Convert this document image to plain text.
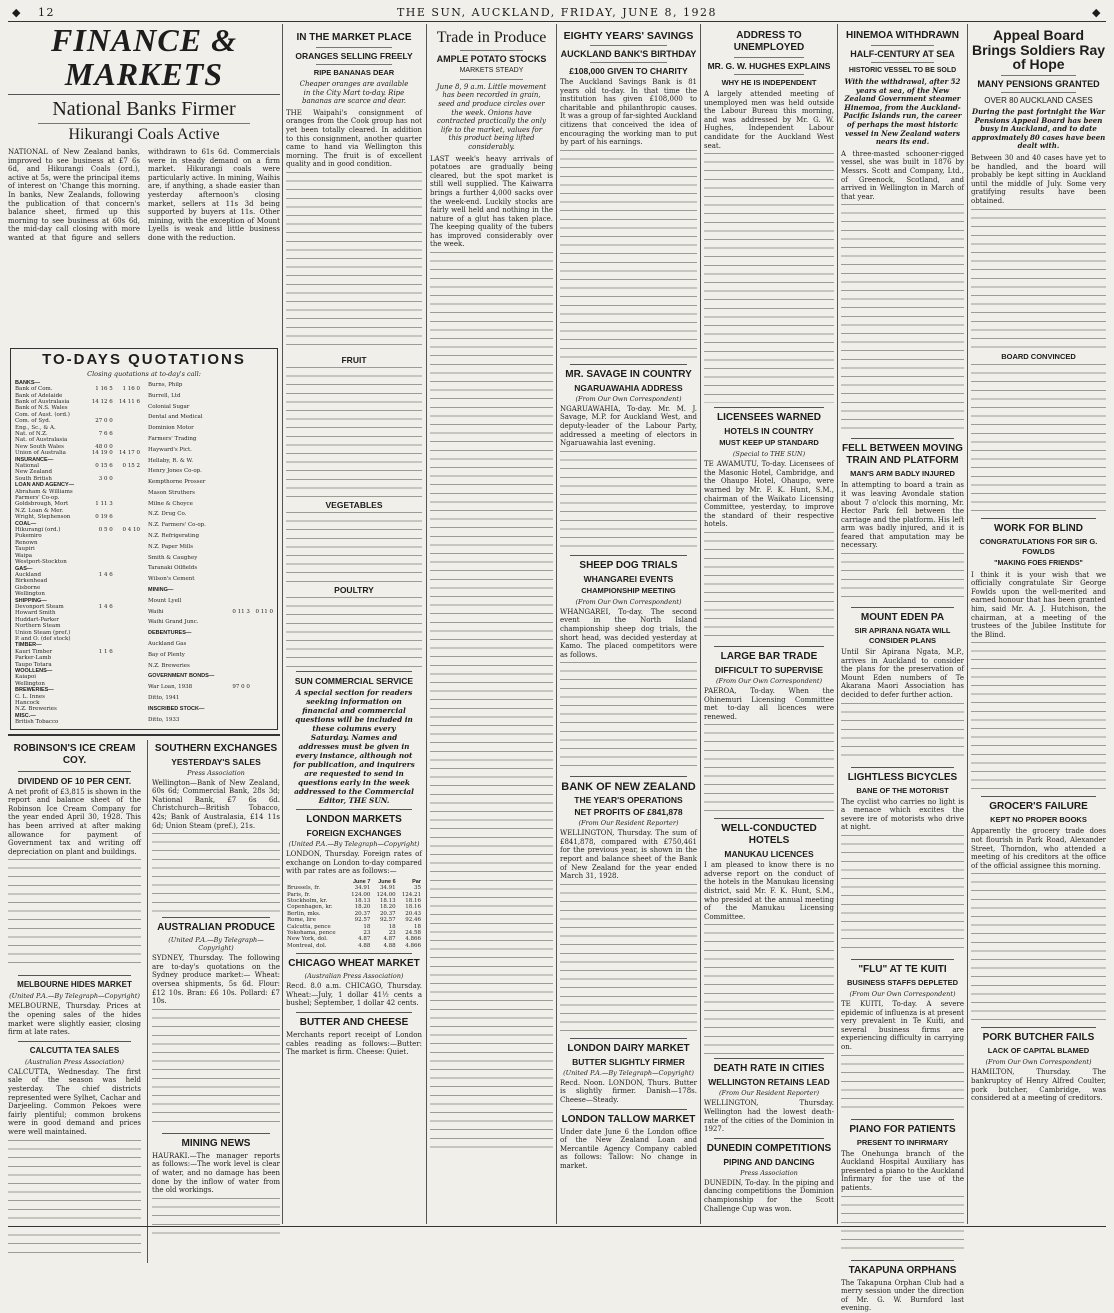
◆ 12	THE SUN, AUCKLAND, FRIDAY, JUNE 8, 1928	◆
FINANCE & MARKETS
National Banks Firmer
Hikurangi Coals Active
NATIONAL of New Zealand banks, improved to see business at £7 6s 6d, and Hikurangi Coals (ord.), active at 5s, were the principal items of interest on 'Change this morning. In banks, New Zealands, following the publication of that concern's balance sheet, firmed up this morning to see business at 60s 6d, the mid-day call closing with more wanted at that figure and sellers withdrawn to 61s 6d. Commercials were in steady demand on a firm market. Hikurangi coals were particularly active. In mining, Waihis are, if anything, a shade easier than yesterday afternoon's closing market, sellers at 11s 3d being supported by buyers at 11s. Other mining, with the exception of Mount Lyells is weak and little business done with the reduction.
TO-DAYS QUOTATIONS
Closing quotations at to-day's call:
BANKS—		
Bank of Com.	1 16 5	1 16 0
Bank of Adelaide		
Bank of Australasia	14 12 6	14 11 6
Bank of N.S. Wales		
Com. of Aust. (ord.)		
Com. of Syd.	27 0 0	
Eng., Sc., & A.		
Nat. of N.Z.	7 6 6	
Nat. of Australasia		
New South Wales	48 0 0	
Union of Australia	14 19 0	14 17 0
INSURANCE—		
National	0 15 6	0 15 2
New Zealand		
South British	3 0 0	
LOAN AND AGENCY—		
Abraham & Williams		
Farmers' Co-op.		
Goldsbrough, Mort	1 11 3	
N.Z. Loan & Mer.		
Wright, Stephenson	0 19 6	
COAL—		
Hikurangi (ord.)	0 5 0	0 4 10
Pukemiro		
Renown		
Taupiri		
Waipa		
Westport-Stockton		
GAS—		
Auckland	1 4 6	
Birkenhead		
Gisborne		
Wellington		
SHIPPING—		
Devonport Steam	1 4 6	
Howard Smith		
Huddart-Parker		
Northern Steam		
Union Steam (pref.)		
P. and O. (def stock)		
TIMBER—		
Kauri Timber	1 1 6	
Parker-Lamb		
Taupo Totara		
WOOLLENS—		
Kaiapoi		
Wellington		
BREWERIES—		
C. L. Innes		
Hancock		
N.Z. Breweries		
MISC.—		
British Tobacco		
Burns, Philp		
Burrell, Ltd		
Colonial Sugar		
Dental and Medical		
Dominion Motor		
Farmers' Trading		
Hayward's Pict.		
Hellaby, R. & W.		
Henry Jones Co-op.		
Kempthorne Prosser		
Mason Struthers		
Milne & Choyce		
N.Z. Drug Co.		
N.Z. Farmers' Co-op.		
N.Z. Refrigerating		
N.Z. Paper Mills		
Smith & Caughey		
Taranaki Oilfields		
Wilson's Cement		
MINING—		
Mount Lyell		
Waihi	0 11 3	0 11 0
Waihi Grand Junc.		
DEBENTURES—		
Auckland Gas		
Bay of Plenty		
N.Z. Breweries		
GOVERNMENT BONDS—		
War Loan, 1938	97 0 0	
Ditto, 1941		
INSCRIBED STOCK—		
Ditto, 1933		
ROBINSON'S ICE CREAM COY.
DIVIDEND OF 10 PER CENT.
A net profit of £3,815 is shown in the report and balance sheet of the Robinson Ice Cream Company for the year ended April 30, 1928. This has been arrived at after making allowance for payment of Government tax and writing off depreciation on plant and buildings.
MELBOURNE HIDES MARKET
(United P.A.—By Telegraph—Copyright)
MELBOURNE, Thursday. Prices at the opening sales of the hides market were slightly easier, closing firm at late rates.
CALCUTTA TEA SALES
(Australian Press Association)
CALCUTTA, Wednesday. The first sale of the season was held yesterday. The chief districts represented were Sylhet, Cachar and Darjeeling. Common Pekoes were fairly plentiful; common brokens were in good demand and prices were well maintained.
SOUTHERN EXCHANGES
YESTERDAY'S SALES
Press Association
Wellington—Bank of New Zealand, 60s 6d; Commercial Bank, 28s 3d; National Bank, £7 6s 6d. Christchurch—British Tobacco, 42s; Bank of Australasia, £14 11s 6d; Union Steam (pref.), 21s.
AUSTRALIAN PRODUCE
(United P.A.—By Telegraph—Copyright)
SYDNEY, Thursday. The following are to-day's quotations on the Sydney produce market:— Wheat: oversea shipments, 5s 6d. Flour: £12 10s. Bran: £6 10s. Pollard: £7 10s.
MINING NEWS
HAURAKI.—The manager reports as follows:—The work level is clear of water, and no damage has been done by the inflow of water from the old workings.
IN THE MARKET PLACE
ORANGES SELLING FREELY
RIPE BANANAS DEAR
Cheaper oranges are available in the City Mart to-day. Ripe bananas are scarce and dear.
THE Waipahi's consignment of oranges from the Cook group has not yet been totally cleared. In addition to this consignment, another quarter came to hand via Wellington this morning. The fruit is of excellent quality and in good condition.
FRUIT
VEGETABLES
POULTRY
SUN COMMERCIAL SERVICE
A special section for readers seeking information on financial and commercial questions will be included in these columns every Saturday. Names and addresses must be given in every instance, although not for publication, and inquirers are requested to send in questions early in the week addressed to the Commercial Editor, THE SUN.
LONDON MARKETS
FOREIGN EXCHANGES
(United P.A.—By Telegraph—Copyright)
LONDON, Thursday. Foreign rates of exchange on London to-day compared with par rates are as follows:—
	June 7	June 6	Par
Brussels, fr.	34.91	34.91	35
Paris, fr.	124.00	124.00	124.21
Stockholm, kr.	18.13	18.13	18.16
Copenhagen, kr.	18.20	18.20	18.16
Berlin, mks.	20.37	20.37	20.43
Rome, lire	92.57	92.57	92.46
Calcutta, pence	18	18	18
Yokohama, pence	23	23	24.58
New York, dol.	4.87	4.87	4.866
Montreal, dol.	4.88	4.88	4.866
CHICAGO WHEAT MARKET
(Australian Press Association)
Recd. 8.0 a.m. CHICAGO, Thursday. Wheat:—July, 1 dollar 41½ cents a bushel; September, 1 dollar 42 cents.
BUTTER AND CHEESE
Merchants report receipt of London cables reading as follows:—Butter: The market is firm. Cheese: Quiet.
Trade in Produce
AMPLE POTATO STOCKS
MARKETS STEADY
June 8, 9 a.m. Little movement has been recorded in grain, seed and produce circles over the week. Onions have contracted practically the only life to the market, values for this product being lifted considerably.
LAST week's heavy arrivals of potatoes are gradually being cleared, but the spot market is still well supplied. The Kaiwarra brings a further 4,000 sacks over the week-end. Luckily stocks are fairly well held and nothing in the nature of a glut has taken place. The keeping quality of the tubers has improved considerably over the week.
EIGHTY YEARS' SAVINGS
AUCKLAND BANK'S BIRTHDAY
£108,000 GIVEN TO CHARITY
The Auckland Savings Bank is 81 years old to-day. In that time the institution has given £108,000 to charitable and philanthropic causes. It was a group of far-sighted Auckland citizens that conceived the idea of encouraging the working man to put by part of his earnings.
MR. SAVAGE IN COUNTRY
NGARUAWAHIA ADDRESS
(From Our Own Correspondent)
NGARUAWAHIA, To-day. Mr. M. J. Savage, M.P. for Auckland West, and deputy-leader of the Labour Party, addressed a meeting of electors in Ngaruawahia last evening.
SHEEP DOG TRIALS
WHANGAREI EVENTS
CHAMPIONSHIP MEETING
(From Our Own Correspondent)
WHANGAREI, To-day. The second event in the North Island championship sheep dog trials, the short head, was decided yesterday at Kamo. The placed competitors were as follows.
BANK OF NEW ZEALAND
THE YEAR'S OPERATIONS
NET PROFITS OF £841,878
(From Our Resident Reporter)
WELLINGTON, Thursday. The sum of £841,878, compared with £750,461 for the previous year, is shown in the report and balance sheet of the Bank of New Zealand for the year ended March 31, 1928.
LONDON DAIRY MARKET
BUTTER SLIGHTLY FIRMER
(United P.A.—By Telegraph—Copyright)
Recd. Noon. LONDON, Thurs. Butter is slightly firmer. Danish—178s. Cheese—Steady.
LONDON TALLOW MARKET
Under date June 6 the London office of the New Zealand Loan and Mercantile Agency Company cabled as follows: Tallow: No change in market.
ADDRESS TO UNEMPLOYED
MR. G. W. HUGHES EXPLAINS
WHY HE IS INDEPENDENT
A largely attended meeting of unemployed men was held outside the Labour Bureau this morning, and was addressed by Mr. G. W. Hughes, Independent Labour candidate for the Auckland West seat.
LICENSEES WARNED
HOTELS IN COUNTRY
MUST KEEP UP STANDARD
(Special to THE SUN)
TE AWAMUTU, To-day. Licensees of the Masonic Hotel, Cambridge, and the Ohaupo Hotel, Ohaupo, were warned by Mr. F. K. Hunt, S.M., chairman of the Waikato Licensing Committee, yesterday, to improve the standard of their respective hotels.
LARGE BAR TRADE
DIFFICULT TO SUPERVISE
(From Our Own Correspondent)
PAEROA, To-day. When the Ohinemuri Licensing Committee met to-day all licences were renewed.
WELL-CONDUCTED HOTELS
MANUKAU LICENCES
I am pleased to know there is no adverse report on the conduct of the hotels in the Manukau licensing district, said Mr. F. K. Hunt, S.M., who presided at the annual meeting of the Manukau Licensing Committee.
DEATH RATE IN CITIES
WELLINGTON RETAINS LEAD
(From Our Resident Reporter)
WELLINGTON, Thursday. Wellington had the lowest death-rate of the cities of the Dominion in 1927.
DUNEDIN COMPETITIONS
PIPING AND DANCING
Press Association
DUNEDIN, To-day. In the piping and dancing competitions the Dominion championship for the Scott Challenge Cup was won.
HINEMOA WITHDRAWN
HALF-CENTURY AT SEA
HISTORIC VESSEL TO BE SOLD
With the withdrawal, after 52 years at sea, of the New Zealand Government steamer Hinemoa, from the Auckland-Pacific Islands run, the career of perhaps the most historic vessel in New Zealand waters nears its end.
A three-masted schooner-rigged vessel, she was built in 1876 by Messrs. Scott and Company, Ltd., of Greenock, Scotland, and arrived in Wellington in March of that year.
FELL BETWEEN MOVING TRAIN AND PLATFORM
MAN'S ARM BADLY INJURED
In attempting to board a train as it was leaving Avondale station about 7 o'clock this morning, Mr. Hector Park fell between the carriage and the platform. His left arm was badly injured, and it is feared that amputation may be necessary.
MOUNT EDEN PA
SIR APIRANA NGATA WILL CONSIDER PLANS
Until Sir Apirana Ngata, M.P., arrives in Auckland to consider the plans for the preservation of Mount Eden numbers of Te Akarana Maori Association has decided to defer further action.
LIGHTLESS BICYCLES
BANE OF THE MOTORIST
The cyclist who carries no light is a menace which excites the severe ire of motorists who drive at night.
"FLU" AT TE KUITI
BUSINESS STAFFS DEPLETED
(From Our Own Correspondent)
TE KUITI, To-day. A severe epidemic of influenza is at present very prevalent in Te Kuiti, and several business firms are experiencing difficulty in carrying on.
PIANO FOR PATIENTS
PRESENT TO INFIRMARY
The Onehunga branch of the Auckland Hospital Auxiliary has presented a piano to the Auckland Infirmary for the use of the patients.
TAKAPUNA ORPHANS
The Takapuna Orphan Club had a merry session under the direction of Mr. G. W. Burnford last evening.
Appeal Board Brings Soldiers Ray of Hope
MANY PENSIONS GRANTED
OVER 80 AUCKLAND CASES
During the past fortnight the War Pensions Appeal Board has been busy in Auckland, and to date approximately 80 cases have been dealt with.
Between 30 and 40 cases have yet to be handled, and the board will probably be kept sitting in Auckland until the middle of July. Some very gratifying results have been obtained.
BOARD CONVINCED
WORK FOR BLIND
CONGRATULATIONS FOR SIR G. FOWLDS
"MAKING FOES FRIENDS"
I think it is your wish that we officially congratulate Sir George Fowlds upon the well-merited and earned honour that has been granted him, said Mr. A. J. Hutchison, the chairman, at a meeting of the trustees of the Jubilee Institute for the Blind.
GROCER'S FAILURE
KEPT NO PROPER BOOKS
Apparently the grocery trade does not flourish in Park Road, Alexander Street, Thorndon, who attended a meeting of his creditors at the office of the official assignee this morning.
PORK BUTCHER FAILS
LACK OF CAPITAL BLAMED
(From Our Own Correspondent)
HAMILTON, Thursday. The bankruptcy of Henry Alfred Coulter, pork butcher, Cambridge, was considered at a meeting of creditors.
